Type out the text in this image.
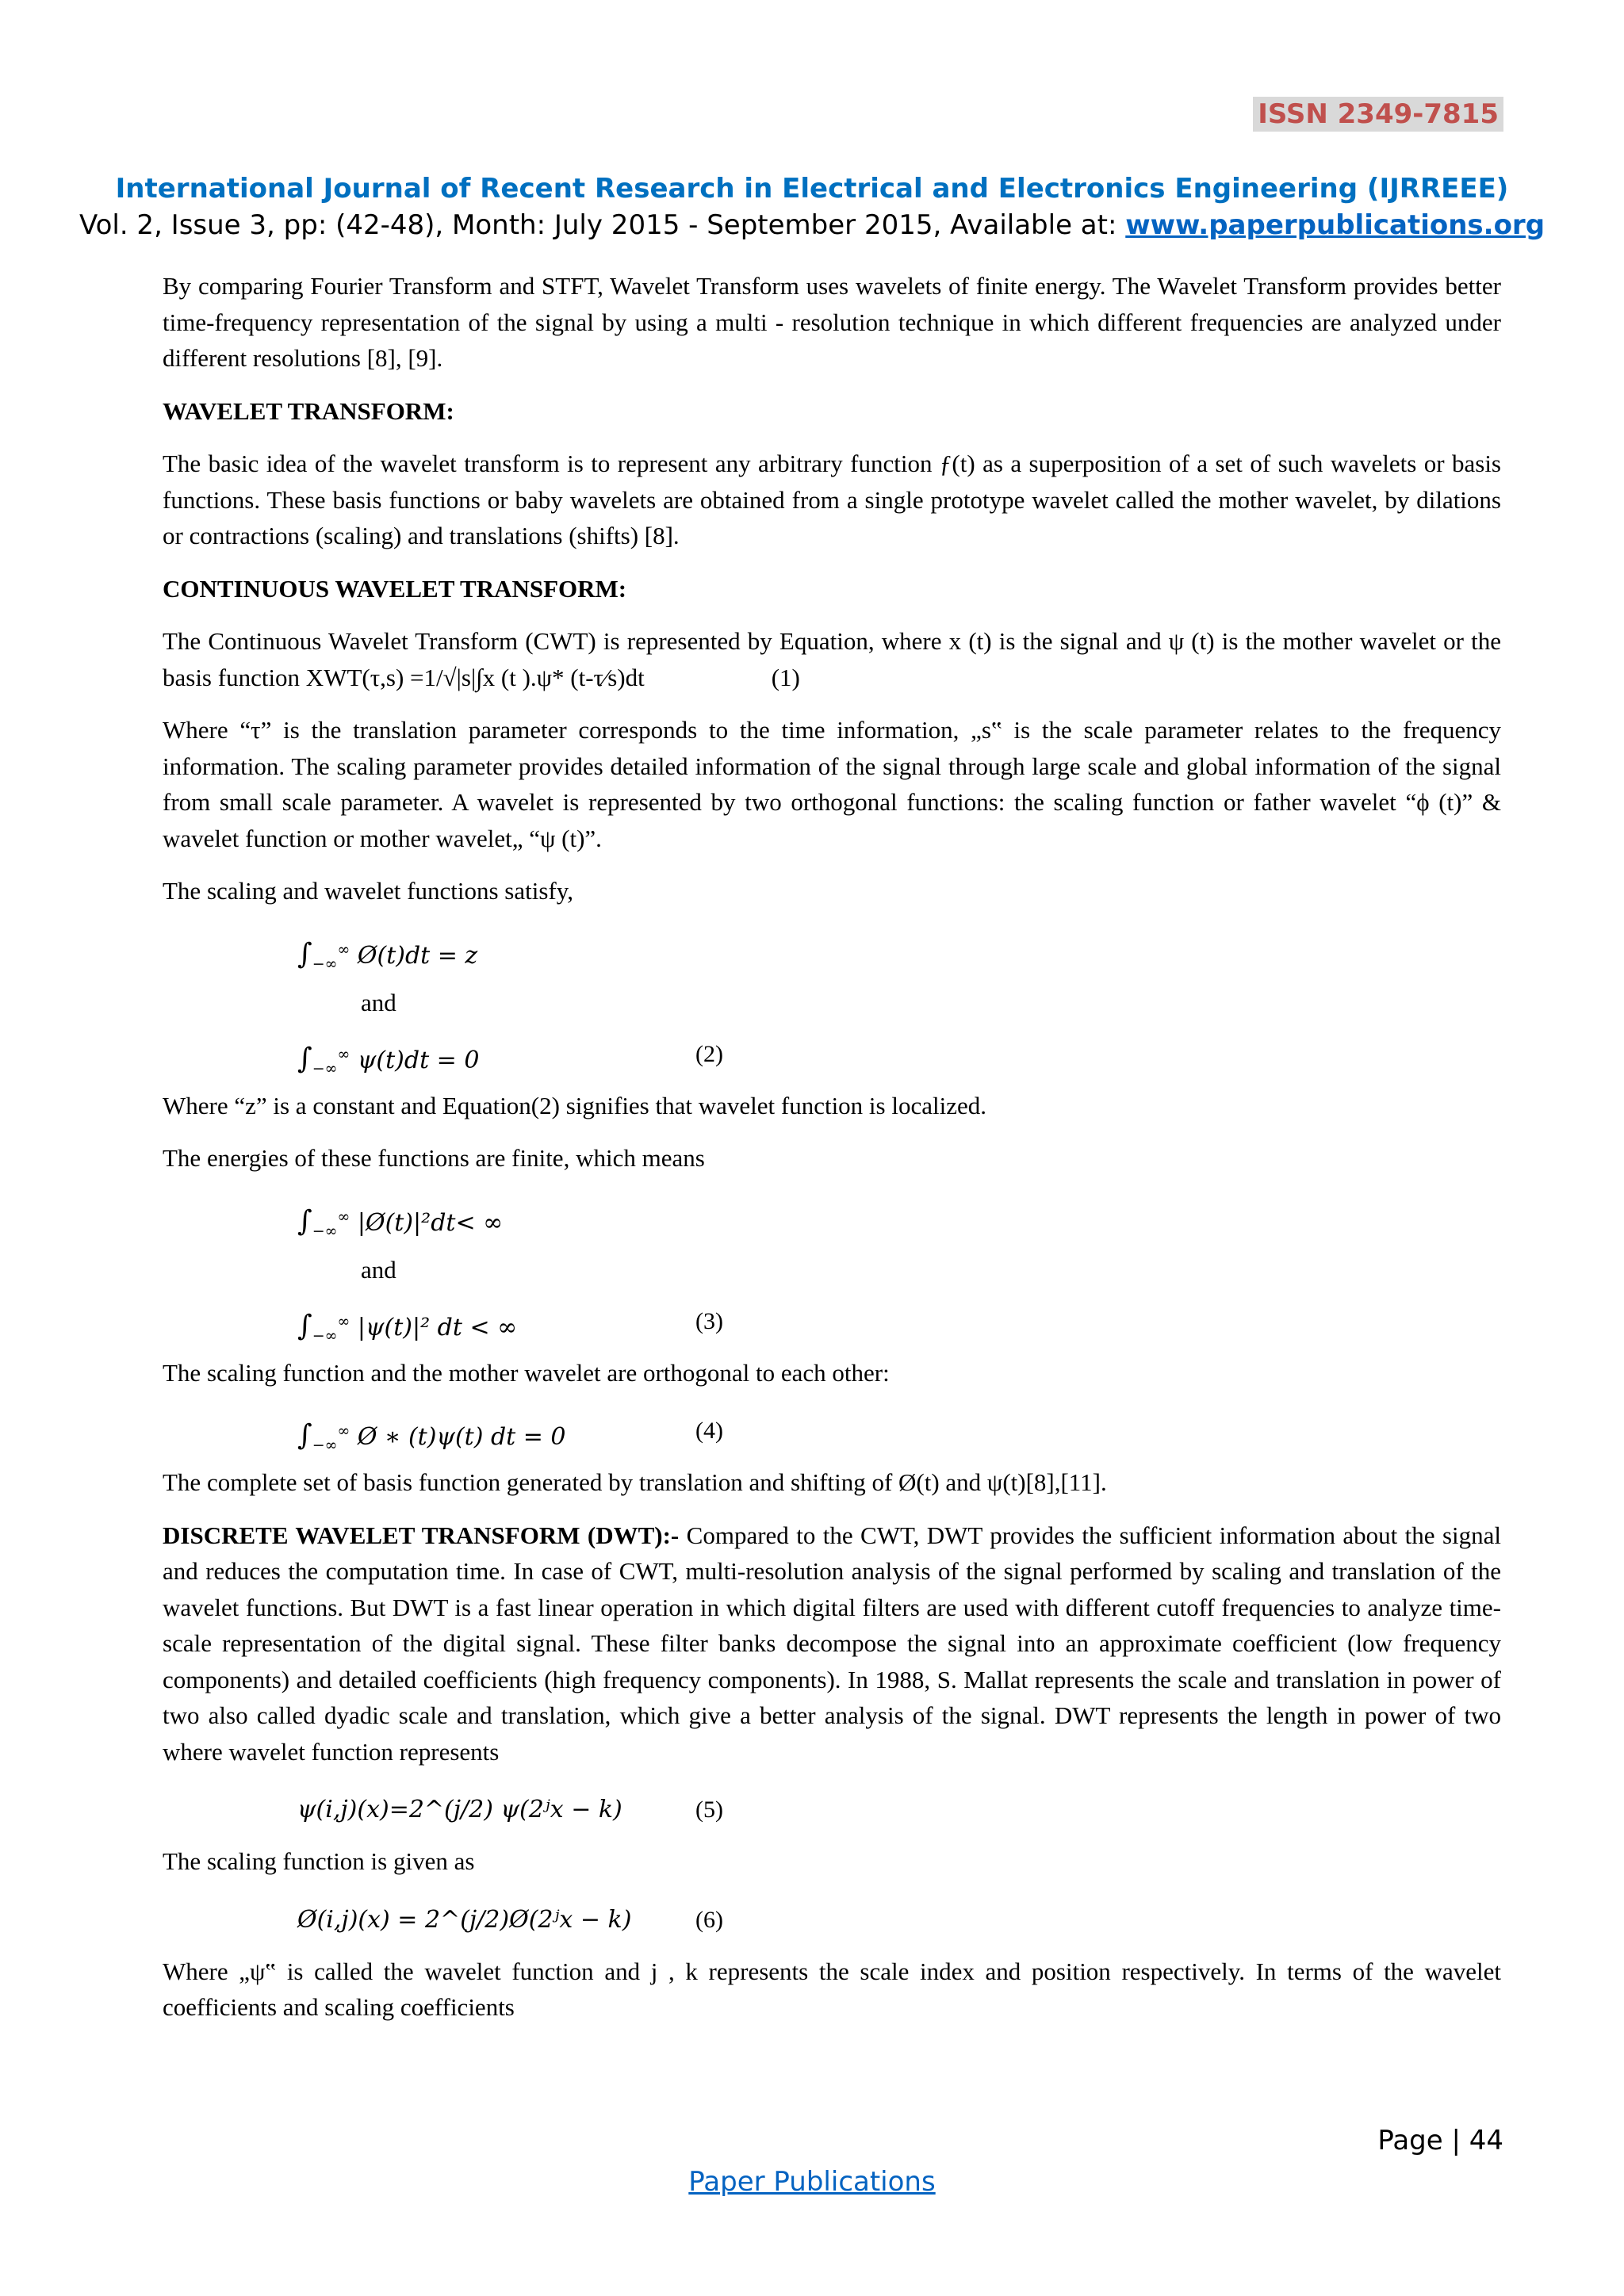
ISSN 2349-7815
International Journal of Recent Research in Electrical and Electronics Engineering (IJRREEE)
Vol. 2, Issue 3, pp: (42-48), Month: July 2015 - September 2015, Available at: www.paperpublications.org

By comparing Fourier Transform and STFT, Wavelet Transform uses wavelets of finite energy. The Wavelet Transform provides better time-frequency representation of the signal by using a multi - resolution technique in which different frequencies are analyzed under different resolutions [8], [9].

WAVELET TRANSFORM:

The basic idea of the wavelet transform is to represent any arbitrary function ƒ(t) as a superposition of a set of such wavelets or basis functions. These basis functions or baby wavelets are obtained from a single prototype wavelet called the mother wavelet, by dilations or contractions (scaling) and translations (shifts) [8].

CONTINUOUS WAVELET TRANSFORM:

The Continuous Wavelet Transform (CWT) is represented by Equation, where x (t) is the signal and ψ (t) is the mother wavelet or the basis function XWT(τ,s) =1/√|s|∫x (t ).ψ* (t-τ⁄s)dt	(1)

Where “τ” is the translation parameter corresponds to the time information, „s‟ is the scale parameter relates to the frequency information. The scaling parameter provides detailed information of the signal through large scale and global information of the signal from small scale parameter. A wavelet is represented by two orthogonal functions: the scaling function or father wavelet “ϕ (t)” & wavelet function or mother wavelet„ “ψ (t)”.

The scaling and wavelet functions satisfy,

$\int_{-\infty}^\infty$ Ø(t)dt = z
and
$\int_{-\infty}^\infty$ ψ(t)dt = 0	(2)

Where “z” is a constant and Equation(2) signifies that wavelet function is localized.

The energies of these functions are finite, which means

$\int_{-\infty}^\infty$ |Ø(t)|²dt< ∞
and
$\int_{-\infty}^\infty$ |ψ(t)|² dt < ∞	(3)

The scaling function and the mother wavelet are orthogonal to each other:

$\int_{-\infty}^\infty$ Ø ∗ (t)ψ(t) dt = 0	(4)

The complete set of basis function generated by translation and shifting of Ø(t) and ψ(t)[8],[11].

DISCRETE WAVELET TRANSFORM (DWT):- Compared to the CWT, DWT provides the sufficient information about the signal and reduces the computation time. In case of CWT, multi-resolution analysis of the signal performed by scaling and translation of the wavelet functions. But DWT is a fast linear operation in which digital filters are used with different cutoff frequencies to analyze time-scale representation of the digital signal. These filter banks decompose the signal into an approximate coefficient (low frequency components) and detailed coefficients (high frequency components). In 1988, S. Mallat represents the scale and translation in power of two also called dyadic scale and translation, which give a better analysis of the signal. DWT represents the length in power of two where wavelet function represents

ψ(i,j)(x)=2^(j/2) ψ(2ʲx − k)	(5)

The scaling function is given as

Ø(i,j)(x) = 2^(j/2)Ø(2ʲx − k)	(6)

Where „ψ‟ is called the wavelet function and j , k represents the scale index and position respectively. In terms of the wavelet coefficients and scaling coefficients

Page | 44
Paper Publications
